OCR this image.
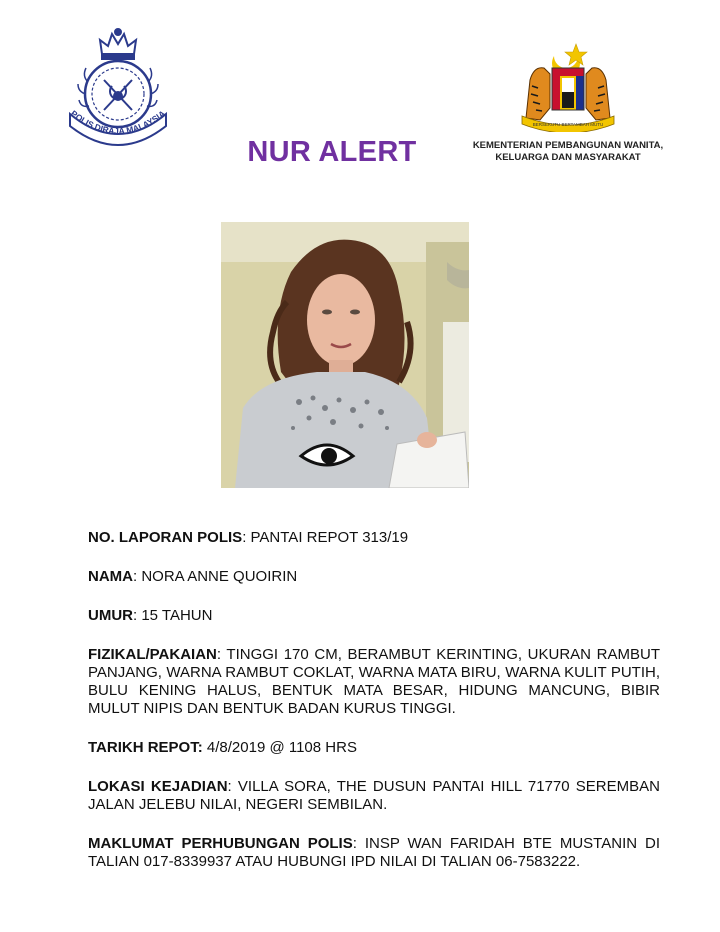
POLIS DIRAJA MALAYSIA
NUR ALERT
BERSEKUTU BERTAMBAH MUTU
KEMENTERIAN PEMBANGUNAN WANITA,
KELUARGA DAN MASYARAKAT
NO. LAPORAN POLIS: PANTAI REPOT 313/19
NAMA: NORA ANNE QUOIRIN
UMUR: 15 TAHUN
FIZIKAL/PAKAIAN: TINGGI 170 CM, BERAMBUT KERINTING, UKURAN RAMBUT PANJANG, WARNA RAMBUT COKLAT, WARNA MATA BIRU, WARNA KULIT PUTIH, BULU KENING HALUS, BENTUK MATA BESAR, HIDUNG MANCUNG, BIBIR MULUT NIPIS DAN BENTUK BADAN KURUS TINGGI.
TARIKH REPOT: 4/8/2019 @ 1108 HRS
LOKASI KEJADIAN: VILLA SORA, THE DUSUN PANTAI HILL 71770 SEREMBAN JALAN JELEBU NILAI, NEGERI SEMBILAN.
MAKLUMAT PERHUBUNGAN POLIS: INSP WAN FARIDAH BTE MUSTANIN DI TALIAN 017-8339937 ATAU HUBUNGI IPD NILAI DI TALIAN 06-7583222.
